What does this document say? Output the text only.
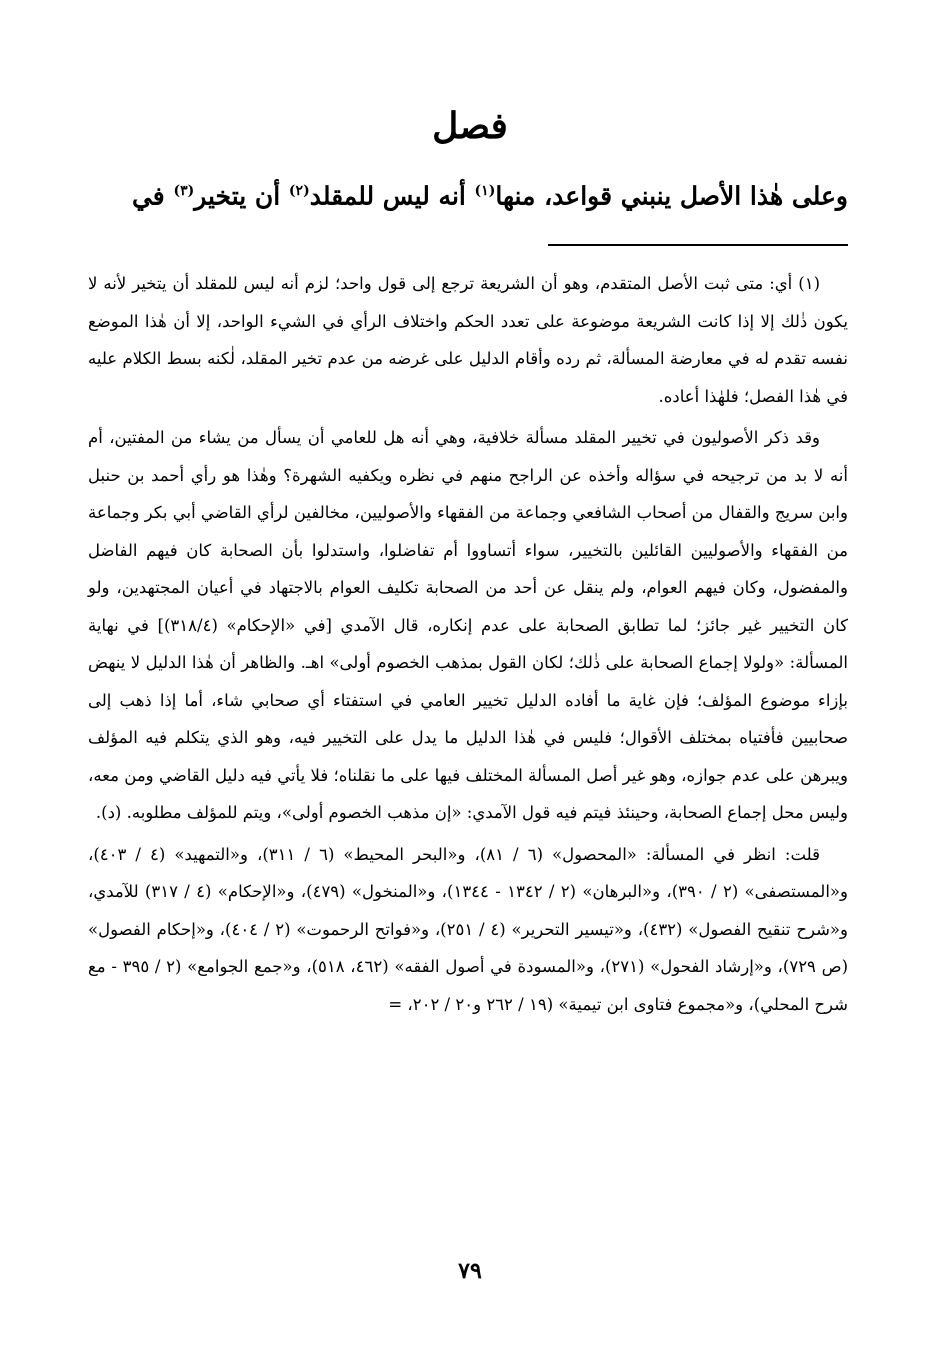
فصل
وعلى هٰذا الأصل ينبني قواعد، منها$^{(١)}$ أنه ليس للمقلد$^{(٢)}$ أن يتخير$^{(٣)}$ في

(١) أي: متى ثبت الأصل المتقدم، وهو أن الشريعة ترجع إلى قول واحد؛ لزم أنه ليس للمقلد أن يتخير لأنه لا يكون ذٰلك إلا إذا كانت الشريعة موضوعة على تعدد الحكم واختلاف الرأي في الشيء الواحد، إلا أن هٰذا الموضع نفسه تقدم له في معارضة المسألة، ثم رده وأقام الدليل على غرضه من عدم تخير المقلد، لٰكنه بسط الكلام عليه في هٰذا الفصل؛ فلهٰذا أعاده.

وقد ذكر الأصوليون في تخيير المقلد مسألة خلافية، وهي أنه هل للعامي أن يسأل من يشاء من المفتين، أم أنه لا بد من ترجيحه في سؤاله وأخذه عن الراجح منهم في نظره ويكفيه الشهرة؟ وهٰذا هو رأي أحمد بن حنبل وابن سريج والقفال من أصحاب الشافعي وجماعة من الفقهاء والأصوليين، مخالفين لرأي القاضي أبي بكر وجماعة من الفقهاء والأصوليين القائلين بالتخيير، سواء أتساووا أم تفاضلوا، واستدلوا بأن الصحابة كان فيهم الفاضل والمفضول، وكان فيهم العوام، ولم ينقل عن أحد من الصحابة تكليف العوام بالاجتهاد في أعيان المجتهدين، ولو كان التخيير غير جائز؛ لما تطابق الصحابة على عدم إنكاره، قال الآمدي [في «الإحكام» (٣١٨/٤)] في نهاية المسألة: «ولولا إجماع الصحابة على ذٰلك؛ لكان القول بمذهب الخصوم أولى» اهـ. والظاهر أن هٰذا الدليل لا ينهض بإزاء موضوع المؤلف؛ فإن غاية ما أفاده الدليل تخيير العامي في استفتاء أي صحابي شاء، أما إذا ذهب إلى صحابيين فأفتياه بمختلف الأقوال؛ فليس في هٰذا الدليل ما يدل على التخيير فيه، وهو الذي يتكلم فيه المؤلف ويبرهن على عدم جوازه، وهو غير أصل المسألة المختلف فيها على ما نقلناه؛ فلا يأتي فيه دليل القاضي ومن معه، وليس محل إجماع الصحابة، وحينئذ فيتم فيه قول الآمدي: «إن مذهب الخصوم أولى»، ويتم للمؤلف مطلوبه. (د).

قلت: انظر في المسألة: «المحصول» (٦ / ٨١)، و«البحر المحيط» (٦ / ٣١١)، و«التمهيد» (٤ / ٤٠٣)، و«المستصفى» (٢ / ٣٩٠)، و«البرهان» (٢ / ١٣٤٢ - ١٣٤٤)، و«المنخول» (٤٧٩)، و«الإحكام» (٤ / ٣١٧) للآمدي، و«شرح تنقيح الفصول» (٤٣٢)، و«تيسير التحرير» (٤ / ٢٥١)، و«فواتح الرحموت» (٢ / ٤٠٤)، و«إحكام الفصول» (ص ٧٢٩)، و«إرشاد الفحول» (٢٧١)، و«المسودة في أصول الفقه» (٤٦٢، ٥١٨)، و«جمع الجوامع» (٢ / ٣٩٥ - مع شرح المحلي)، و«مجموع فتاوى ابن تيمية» (١٩ / ٢٦٢ و٢٠ / ٢٠٢، =

٧٩
